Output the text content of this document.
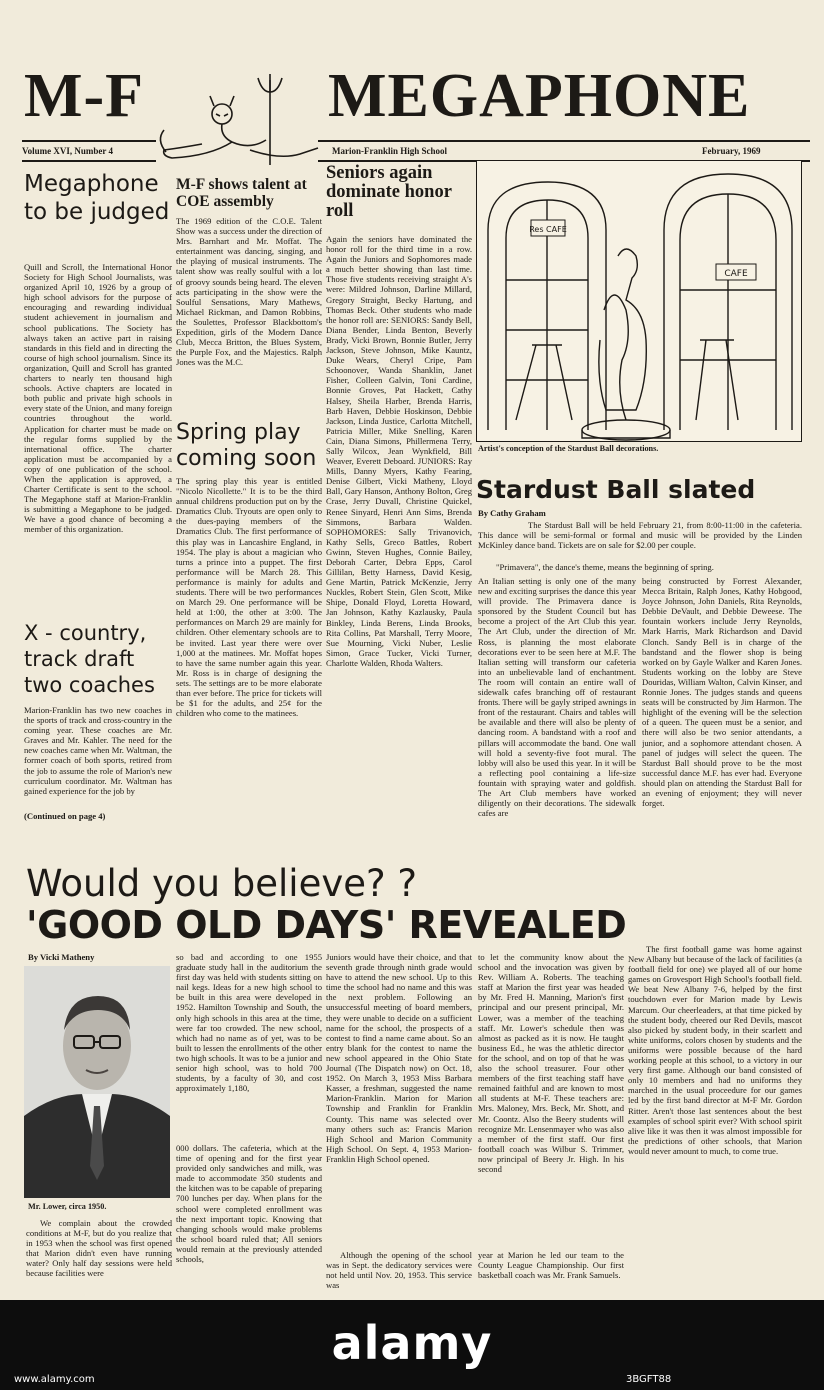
M-F	MEGAPHONE
Volume XVI, Number 4	Marion-Franklin High School	February, 1969
Megaphone to be judged
Quill and Scroll, the International Honor Society for High School Journalists, was organized April 10, 1926 by a group of high school advisors for the purpose of encouraging and rewarding individual student achievement in journalism and school publications. The Society has always taken an active part in raising standards in this field and in directing the course of high school journalism. Since its organization, Quill and Scroll has granted charters to nearly ten thousand high schools. Active chapters are located in both public and private high schools in every state of the Union, and many foreign countries throughout the world. Application for charter must be made on the regular forms supplied by the international office. The charter application must be accompanied by a copy of one publication of the school. When the application is approved, a Charter Certificate is sent to the school. The Megaphone staff at Marion-Franklin is submitting a Megaphone to be judged. We have a good chance of becoming a member of this organization.
X - country, track draft two coaches
Marion-Franklin has two new coaches in the sports of track and cross-country in the coming year. These coaches are Mr. Graves and Mr. Kahler. The need for the new coaches came when Mr. Waltman, the former coach of both sports, retired from the job to assume the role of Marion's new curriculum coordinator. Mr. Waltman has gained experience for the job by
(Continued on page 4)
M-F shows talent at COE assembly
The 1969 edition of the C.O.E. Talent Show was a success under the direction of Mrs. Barnhart and Mr. Moffat. The entertainment was dancing, singing, and the playing of musical instruments. The talent show was really soulful with a lot of groovy sounds being heard. The eleven acts participating in the show were the Soulful Sensations, Mary Mathews, Michael Rickman, and Damon Robbins, the Soulettes, Professor Blackbottom's Expedition, girls of the Modern Dance Club, Mecca Britton, the Blues System, the Purple Fox, and the Majestics. Ralph Jones was the M.C.
Spring play coming soon
The spring play this year is entitled "Nicolo Nicollette." It is to be the third annual childrens production put on by the Dramatics Club. Tryouts are open only to the dues-paying members of the Dramatics Club. The first performance of this play was in Lancashire England, in 1954. The play is about a magician who turns a prince into a puppet. The first performance will be March 28. This performance is mainly for adults and students. There will be two performances on March 29. One performance will be held at 1:00, the other at 3:00. The performances on March 29 are mainly for children. Other elementary schools are to be invited. Last year there were over 1,000 at the matinees. Mr. Moffat hopes to have the same number again this year. Mr. Ross is in charge of designing the sets. The settings are to be more elaborate than ever before. The price for tickets will be $1 for the adults, and 25¢ for the children who come to the matinees.
Seniors again dominate honor roll
Again the seniors have dominated the honor roll for the third time in a row. Again the Juniors and Sophomores made a much better showing than last time. Those five students receiving straight A's were: Mildred Johnson, Darline Millard, Gregory Straight, Becky Hartung, and Thomas Beck. Other students who made the honor roll are: SENIORS: Sandy Bell, Diana Bender, Linda Benton, Beverly Brady, Vicki Brown, Bonnie Butler, Jerry Jackson, Steve Johnson, Mike Kauntz, Duke Wears, Cheryl Cripe, Pam Schoonover, Wanda Shanklin, Janet Fisher, Colleen Galvin, Toni Cardine, Bonnie Groves, Pat Hackett, Cathy Halsey, Sheila Harber, Brenda Harris, Barb Haven, Debbie Hoskinson, Debbie Jackson, Linda Justice, Carlotta Mitchell, Patricia Miller, Mike Snelling, Karen Cain, Diana Simons, Phillermena Terry, Sally Wilcox, Jean Wynkfield, Bill Weaver, Everett Deboard. JUNIORS: Ray Mills, Danny Myers, Kathy Fearing, Denise Gilbert, Vicki Matheny, Lloyd Ball, Gary Hanson, Anthony Bolton, Greg Crase, Jerry Duvall, Christine Quickel, Renee Sinyard, Henri Ann Sims, Brenda Simmons, Barbara Walden. SOPHOMORES: Sally Trivanovich, Kathy Sells, Greco Battles, Robert Gwinn, Steven Hughes, Connie Bailey, Deborah Carter, Debra Epps, Carol Gillilan, Betty Harness, David Kesig, Gene Martin, Patrick McKenzie, Jerry Nuckles, Robert Stein, Glen Scott, Mike Shipe, Donald Floyd, Loretta Howard, Jan Johnson, Kathy Kazlausky, Paula Binkley, Linda Berens, Linda Brooks, Rita Collins, Pat Marshall, Terry Moore, Sue Mourning, Vicki Nuber, Leslie Simon, Grace Tucker, Vicki Turner, Charlotte Walden, Rhoda Walters.
Res CAFE
CAFE
Artist's conception of the Stardust Ball decorations.
Stardust Ball slated
By Cathy Graham
The Stardust Ball will be held February 21, from 8:00-11:00 in the cafeteria. This dance will be semi-formal or formal and music will be provided by the Linden McKinley dance band. Tickets are on sale for $2.00 per couple.
"Primavera", the dance's theme, means the beginning of spring.
An Italian setting is only one of the many new and exciting surprises the dance this year will provide. The Primavera dance is sponsored by the Student Council but has become a project of the Art Club this year. The Art Club, under the direction of Mr. Ross, is planning the most elaborate decorations ever to be seen here at M.F. The Italian setting will transform our cafeteria into an unbelievable land of enchantment. The room will contain an entire wall of sidewalk cafes branching off of restaurant fronts. There will be gayly striped awnings in front of the restaurant. Chairs and tables will be available and there will also be plenty of dancing room. A bandstand with a roof and pillars will accommodate the band. One wall will hold a seventy-five foot mural. The lobby will also be used this year. In it will be a reflecting pool containing a life-size fountain with spraying water and goldfish. The Art Club members have worked diligently on their decorations. The sidewalk cafes are
being constructed by Forrest Alexander, Mecca Britain, Ralph Jones, Kathy Hobgood, Joyce Johnson, John Daniels, Rita Reynolds, Debbie DeVault, and Debbie Deweese. The fountain workers include Jerry Reynolds, Mark Harris, Mark Richardson and David Clonch. Sandy Bell is in charge of the bandstand and the flower shop is being worked on by Gayle Walker and Karen Jones. Students working on the lobby are Steve Douridas, William Walton, Calvin Kinser, and Ronnie Jones. The judges stands and queens seats will be constructed by Jim Harmon. The highlight of the evening will be the selection of a queen. The queen must be a senior, and there will also be two senior attendants, a junior, and a sophomore attendant chosen. A panel of judges will select the queen. The Stardust Ball should prove to be the most successful dance M.F. has ever had. Everyone should plan on attending the Stardust Ball for an evening of enjoyment; they will never forget.
Would you believe? ?
'GOOD OLD DAYS' REVEALED
By Vicki Matheny
Mr. Lower, circa 1950.
We complain about the crowded conditions at M-F, but do you realize that in 1953 when the school was first opened that Marion didn't even have running water? Only half day sessions were held because facilities were
so bad and according to one 1955 graduate study hall in the auditorium the first day was held with students sitting on nail kegs. Ideas for a new high school to be built in this area were developed in 1952. Hamilton Township and South, the only high schools in this area at the time, were far too crowded. The new school, which had no name as of yet, was to be built to lessen the enrollments of the other two high schools. It was to be a junior and senior high school, was to hold 700 students, by a faculty of 30, and cost approximately 1,180,
000 dollars. The cafeteria, which at the time of opening and for the first year provided only sandwiches and milk, was made to accommodate 350 students and the kitchen was to be capable of preparing 700 lunches per day. When plans for the school were completed enrollment was the next important topic. Knowing that changing schools would make problems the school board ruled that; All seniors would remain at the previously attended schools,
Juniors would have their choice, and that seventh grade through ninth grade would have to attend the new school. Up to this time the school had no name and this was the next problem. Following an unsuccessful meeting of board members, they were unable to decide on a sufficient name for the school, the prospects of a contest to find a name came about. So an entry blank for the contest to name the new school appeared in the Ohio State Journal (The Dispatch now) on Oct. 18, 1952. On March 3, 1953 Miss Barbara Kasser, a freshman, suggested the name Marion-Franklin. Marion for Marion Township and Franklin for Franklin County. This name was selected over many others such as: Francis Marion High School and Marion Community High School. On Sept. 4, 1953 Marion-Franklin High School opened.
Although the opening of the school was in Sept. the dedicatory services were not held until Nov. 20, 1953. This service was
to let the community know about the school and the invocation was given by Rev. William A. Roberts. The teaching staff at Marion the first year was headed by Mr. Fred H. Manning, Marion's first principal and our present principal, Mr. Lower, was a member of the teaching staff. Mr. Lower's schedule then was almost as packed as it is now. He taught business Ed., he was the athletic director for the school, and on top of that he was also the school treasurer. Four other members of the first teaching staff have remained faithful and are known to most all students at M-F. These teachers are: Mrs. Maloney, Mrs. Beck, Mr. Shott, and Mr. Coontz. Also the Beery students will recognize Mr. Lensenmayer who was also a member of the first staff. Our first football coach was Wilbur S. Trimmer, now principal of Beery Jr. High. In his second
year at Marion he led our team to the County League Championship. Our first basketball coach was Mr. Frank Samuels.
The first football game was home against New Albany but because of the lack of facilities (a football field for one) we played all of our home games on Grovesport High School's football field. We beat New Albany 7-6, helped by the first touchdown ever for Marion made by Lewis Marcum. Our cheerleaders, at that time picked by the student body, cheered our Red Devils, mascot also picked by student body, in their scarlett and white uniforms, colors chosen by students and the uniforms were possible because of the hard working people at this school, to a victory in our very first game. Although our band consisted of only 10 members and had no uniforms they marched in the usual proceedure for our games led by the first band director at M-F Mr. Gordon Ritter. Aren't those last sentences about the best examples of school spirit ever? With school spirit alive like it was then it was almost impossible for the predictions of other schools, that Marion would never amount to much, to come true.
alamy
3BGFT88
www.alamy.com
